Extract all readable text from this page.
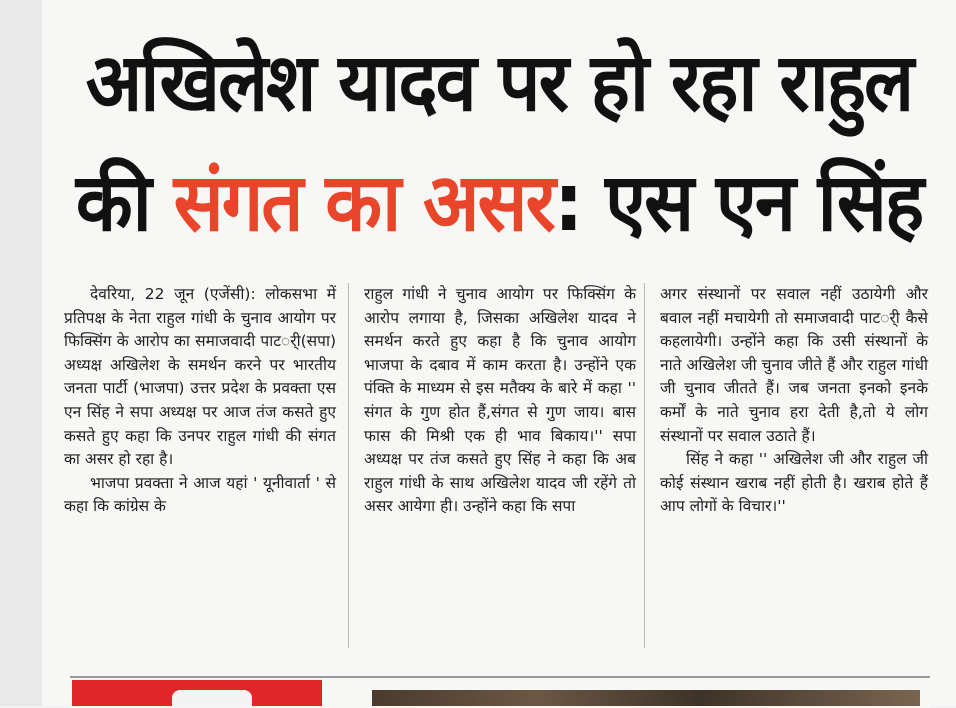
अखिलेश यादव पर हो रहा राहुल
की संगत का असर: एस एन सिंह

देवरिया, 22 जून (एजेंसी): लोकसभा में प्रतिपक्ष के नेता राहुल गांधी के चुनाव आयोग पर फिक्सिंग के आरोप का समाजवादी पाटर्ी(सपा) अध्यक्ष अखिलेश के समर्थन करने पर भारतीय जनता पार्टी (भाजपा) उत्तर प्रदेश के प्रवक्ता एस एन सिंह ने सपा अध्यक्ष पर आज तंज कसते हुए कसते हुए कहा कि उनपर राहुल गांधी की संगत का असर हो रहा है।

भाजपा प्रवक्ता ने आज यहां ' यूनीवार्ता ' से कहा कि कांग्रेस के

राहुल गांधी ने चुनाव आयोग पर फिक्सिंग के आरोप लगाया है, जिसका अखिलेश यादव ने समर्थन करते हुए कहा है कि चुनाव आयोग भाजपा के दबाव में काम करता है। उन्होंने एक पंक्ति के माध्यम से इस मतैक्य के बारे में कहा '' संगत के गुण होत हैं,संगत से गुण जाय। बास फास की मिश्री एक ही भाव बिकाय।'' सपा अध्यक्ष पर तंज कसते हुए सिंह ने कहा कि अब राहुल गांधी के साथ अखिलेश यादव जी रहेंगे तो असर आयेगा ही। उन्होंने कहा कि सपा

अगर संस्थानों पर सवाल नहीं उठायेगी और बवाल नहीं मचायेगी तो समाजवादी पाटर्ी कैसे कहलायेगी। उन्होंने कहा कि उसी संस्थानों के नाते अखिलेश जी चुनाव जीते हैं और राहुल गांधी जी चुनाव जीतते हैं। जब जनता इनको इनके कर्मों के नाते चुनाव हरा देती है,तो ये लोग संस्थानों पर सवाल उठाते हैं।

सिंह ने कहा '' अखिलेश जी और राहुल जी कोई संस्थान खराब नहीं होती है। खराब होते हैं आप लोगों के विचार।''
